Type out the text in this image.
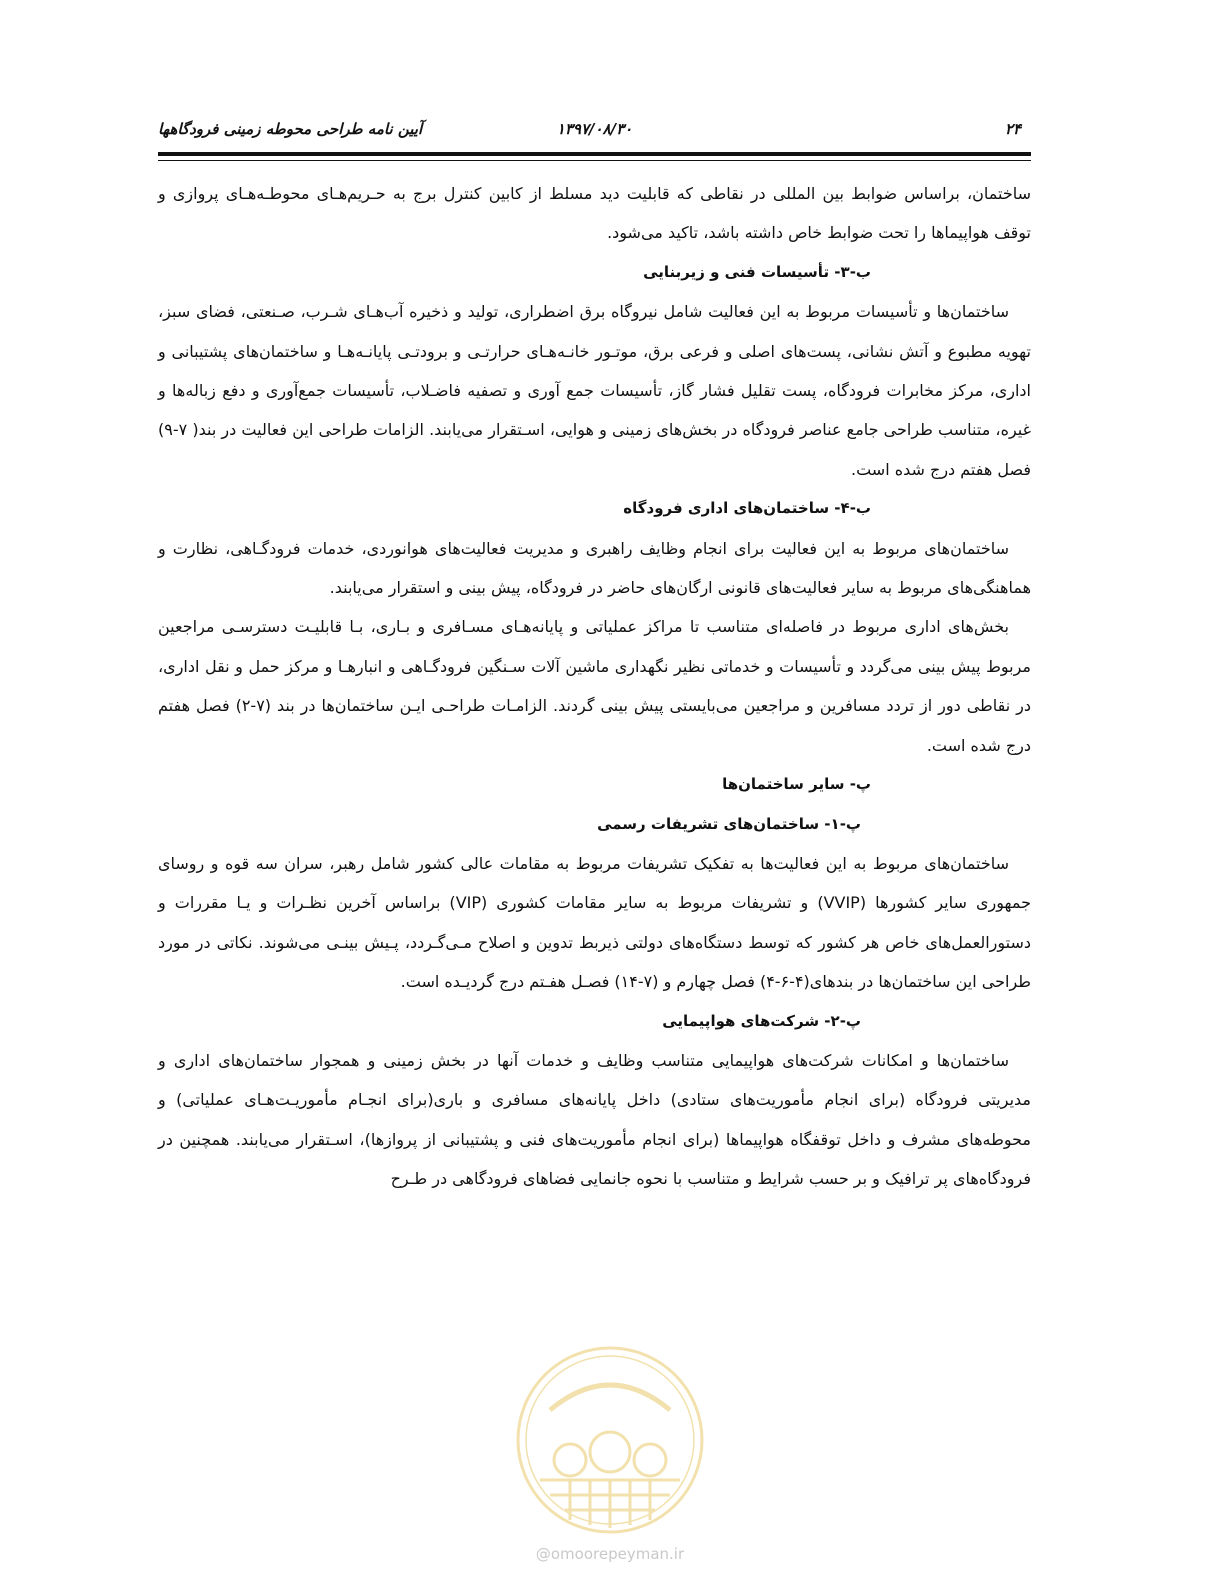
۲۴
۱۳۹۷/۰۸/۳۰
آیین نامه طراحی محوطه زمینی فرودگاهها

ساختمان، براساس ضوابط بین المللی در نقاطی که قابلیت دید مسلط از کابین کنترل برج به حـریم‌هـای محوطـه‌هـای پروازی و توقف هواپیماها را تحت ضوابط خاص داشته باشد، تاکید می‌شود.

ب-۳- تأسیسات فنی و زیربنایی

ساختمان‌ها و تأسیسات مربوط به این فعالیت شامل نیروگاه برق اضطراری، تولید و ذخیره آب‌هـای شـرب، صـنعتی، فضای سبز، تهویه مطبوع و آتش نشانی، پست‌های اصلی و فرعی برق، موتـور خانـه‌هـای حرارتـی و برودتـی پایانـه‌هـا و ساختمان‌های پشتیبانی و اداری، مرکز مخابرات فرودگاه، پست تقلیل فشار گاز، تأسیسات جمع آوری و تصفیه فاضـلاب، تأسیسات جمع‌آوری و دفع زباله‌ها و غیره، متناسب طراحی جامع عناصر فرودگاه در بخش‌های زمینی و هوایی، اسـتقرار می‌یابند. الزامات طراحی این فعالیت در بند( ۷-۹) فصل هفتم درج شده است.

ب-۴- ساختمان‌های اداری فرودگاه

ساختمان‌های مربوط به این فعالیت برای انجام وظایف راهبری و مدیریت فعالیت‌های هوانوردی، خدمات فرودگـاهی، نظارت و هماهنگی‌های مربوط به سایر فعالیت‌های قانونی ارگان‌های حاضر در فرودگاه، پیش بینی و استقرار می‌یابند.

بخش‌های اداری مربوط در فاصله‌ای متناسب تا مراکز عملیاتی و پایانه‌هـای مسـافری و بـاری، بـا قابلیـت دسترسـی مراجعین مربوط پیش بینی می‌گردد و تأسیسات و خدماتی نظیر نگهداری ماشین آلات سـنگین فرودگـاهی و انبارهـا و مرکز حمل و نقل اداری، در نقاطی دور از تردد مسافرین و مراجعین می‌بایستی پیش بینی گردند. الزامـات طراحـی ایـن ساختمان‌ها در بند (۷-۲) فصل هفتم درج شده است.

پ- سایر ساختمان‌ها
پ-۱- ساختمان‌های تشریفات رسمی

ساختمان‌های مربوط به این فعالیت‌ها به تفکیک تشریفات مربوط به مقامات عالی کشور شامل رهبر، سران سه قوه و روسای جمهوری سایر کشورها (VVIP) و تشریفات مربوط به سایر مقامات کشوری (VIP) براساس آخرین نظـرات و یـا مقررات و دستورالعمل‌های خاص هر کشور که توسط دستگاه‌های دولتی ذیربط تدوین و اصلاح مـی‌گـردد، پـیش بینـی می‌شوند. نکاتی در مورد طراحی این ساختمان‌ها در بندهای(۴-۶-۴) فصل چهارم و (۷-۱۴) فصـل هفـتم درج گردیـده است.

پ-۲- شرکت‌های هواپیمایی

ساختمان‌ها و امکانات شرکت‌های هواپیمایی متناسب وظایف و خدمات آنها در بخش زمینی و همجوار ساختمان‌های اداری و مدیریتی فرودگاه (برای انجام مأموریت‌های ستادی) داخل پایانه‌های مسافری و باری(برای انجـام مأموریـت‌هـای عملیاتی) و محوطه‌های مشرف و داخل توقفگاه هواپیماها (برای انجام مأموریت‌های فنی و پشتیبانی از پروازها)، اسـتقرار می‌یابند. همچنین در فرودگاه‌های پر ترافیک و بر حسب شرایط و متناسب با نحوه جانمایی فضاهای فرودگاهی در طـرح

@omoorepeyman.ir
